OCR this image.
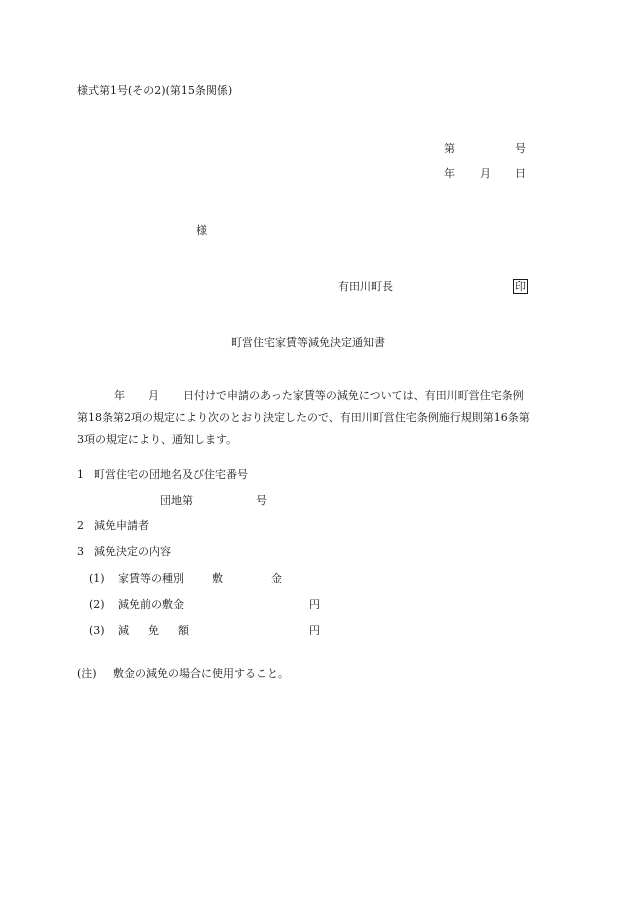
様式第1号(その2)(第15条関係)
第	号
年 月 日
様
有田川町長	印
町営住宅家賃等減免決定通知書
年 月 日付けで申請のあった家賃等の減免については、有田川町営住宅条例
第18条第2項の規定により次のとおり決定したので、有田川町営住宅条例施行規則第16条第
3項の規定により、通知します。
1 町営住宅の団地名及び住宅番号
団地第	号
2 減免申請者
3 減免決定の内容
(1) 家賃等の種別	敷	金
(2) 減免前の敷金	円
(3) 減 免 額	円
(注) 敷金の減免の場合に使用すること。
